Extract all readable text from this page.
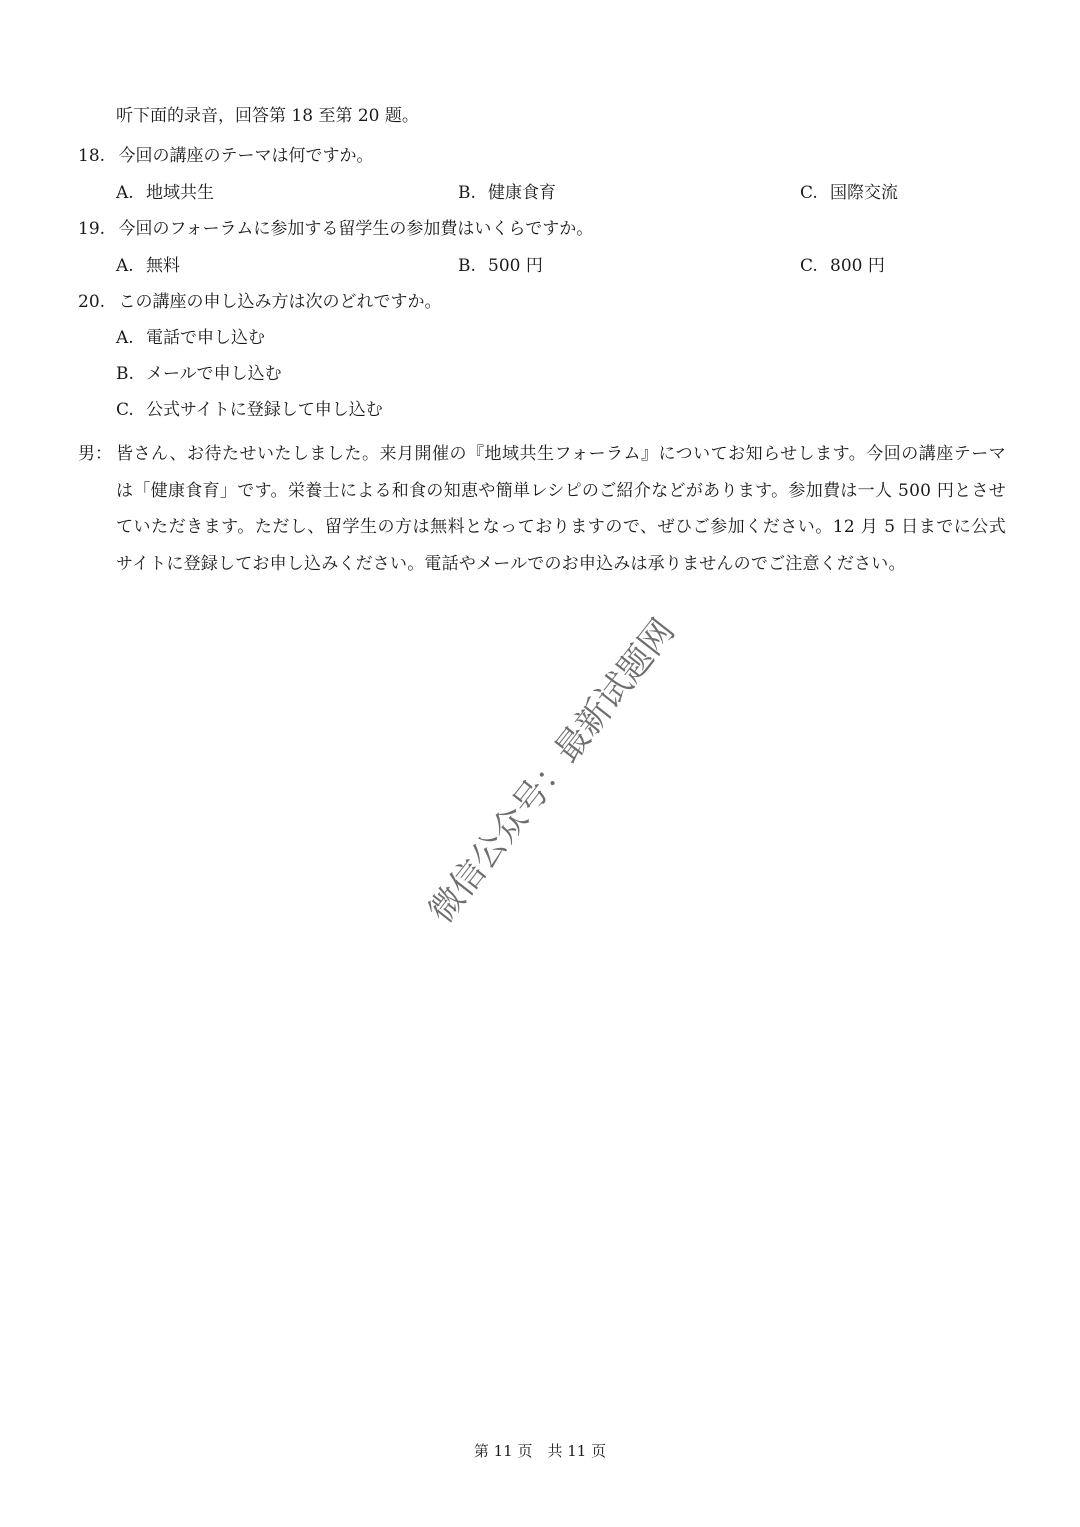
听下面的录音，回答第 18 至第 20 题。
18. 今回の講座のテーマは何ですか。
A. 地域共生	B. 健康食育	C. 国際交流
19. 今回のフォーラムに参加する留学生の参加費はいくらですか。
A. 無料	B. 500 円	C. 800 円
20. この講座の申し込み方は次のどれですか。
A. 電話で申し込む
B. メールで申し込む
C. 公式サイトに登録して申し込む
男： 皆さん、お待たせいたしました。来月開催の『地域共生フォーラム』についてお知らせします。今回の講座テーマは「健康食育」です。栄養士による和食の知恵や簡単レシピのご紹介などがあります。参加費は一人 500 円とさせていただきます。ただし、留学生の方は無料となっておりますので、ぜひご参加ください。12 月 5 日までに公式サイトに登録してお申し込みください。電話やメールでのお申込みは承りませんのでご注意ください。
微信公众号：最新试题网
第 11 页　共 11 页
